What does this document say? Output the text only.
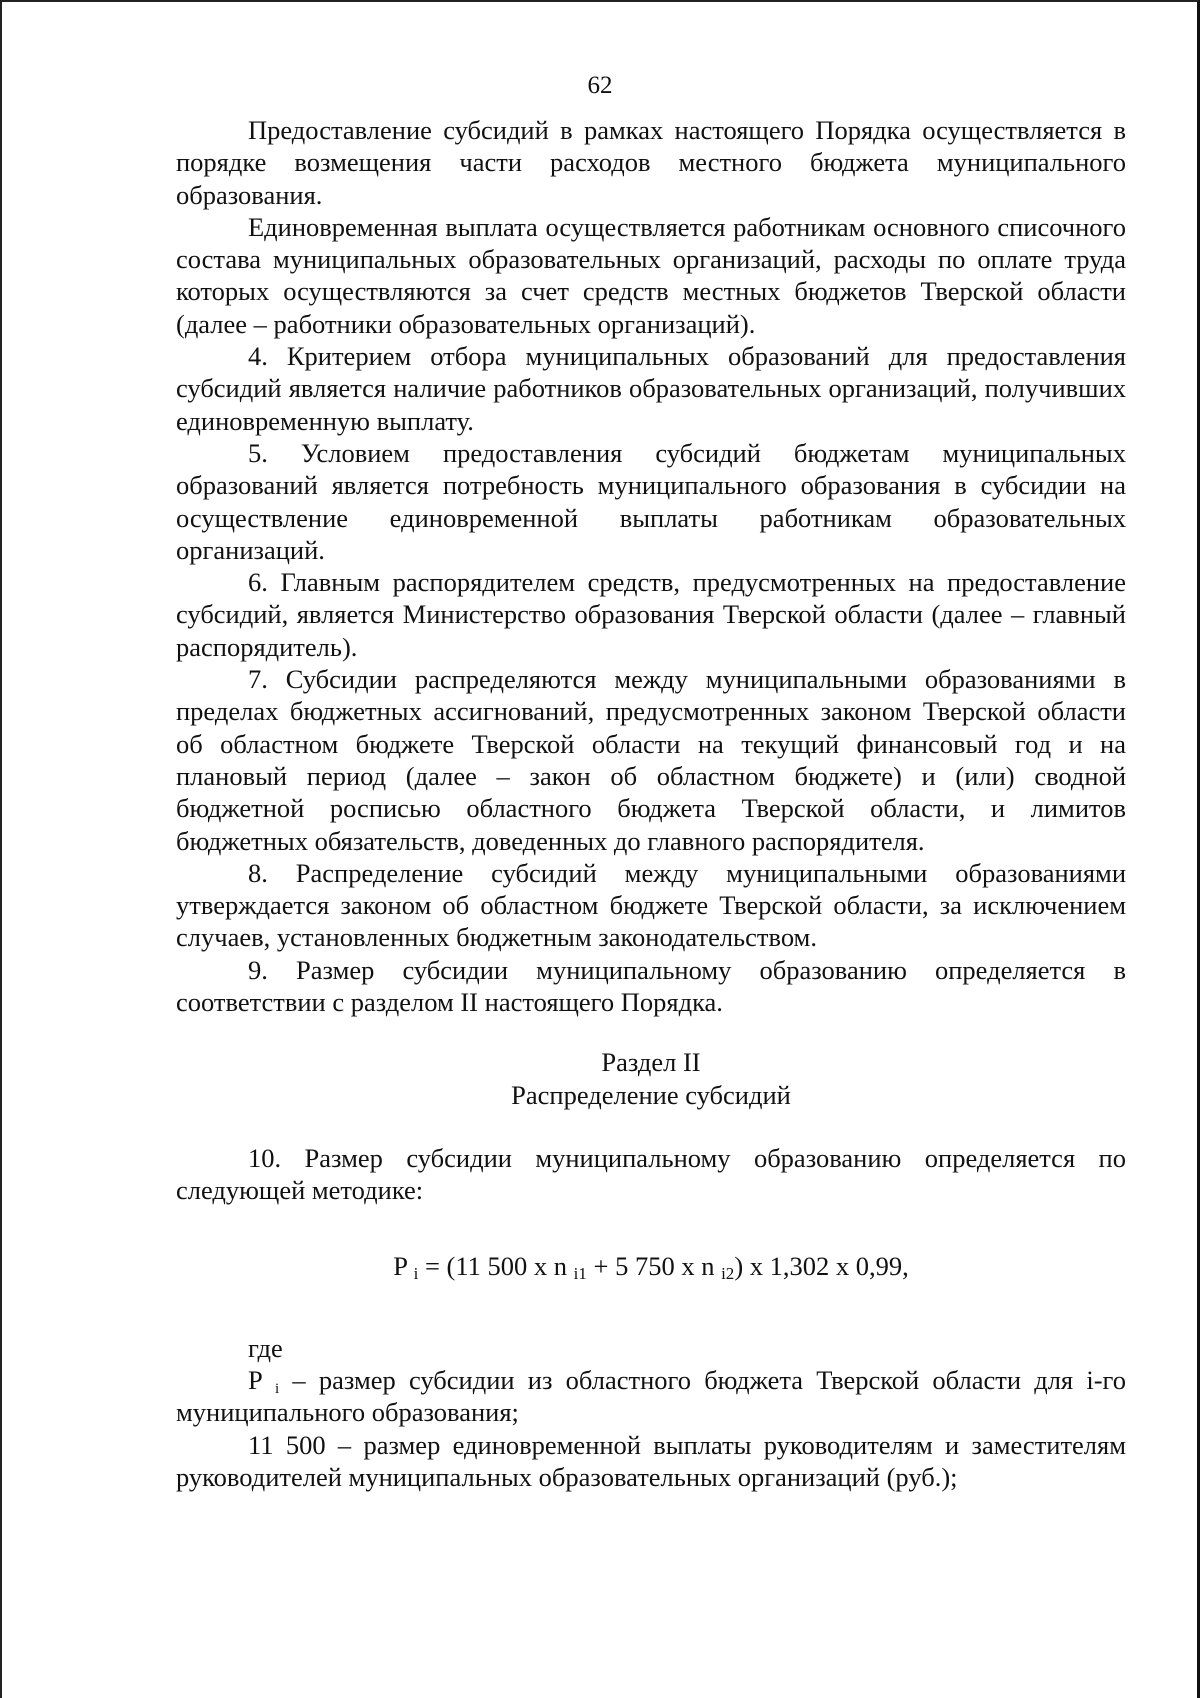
62

Предоставление субсидий в рамках настоящего Порядка осуществляется в порядке возмещения части расходов местного бюджета муниципального образования.

Единовременная выплата осуществляется работникам основного списочного состава муниципальных образовательных организаций, расходы по оплате труда которых осуществляются за счет средств местных бюджетов Тверской области (далее – работники образовательных организаций).

4. Критерием отбора муниципальных образований для предоставления субсидий является наличие работников образовательных организаций, получивших единовременную выплату.

5. Условием предоставления субсидий бюджетам муниципальных образований является потребность муниципального образования в субсидии на осуществление единовременной выплаты работникам образовательных организаций.

6. Главным распорядителем средств, предусмотренных на предоставление субсидий, является Министерство образования Тверской области (далее – главный распорядитель).

7. Субсидии распределяются между муниципальными образованиями в пределах бюджетных ассигнований, предусмотренных законом Тверской области об областном бюджете Тверской области на текущий финансовый год и на плановый период (далее – закон об областном бюджете) и (или) сводной бюджетной росписью областного бюджета Тверской области, и лимитов бюджетных обязательств, доведенных до главного распорядителя.

8. Распределение субсидий между муниципальными образованиями утверждается законом об областном бюджете Тверской области, за исключением случаев, установленных бюджетным законодательством.

9. Размер субсидии муниципальному образованию определяется в соответствии с разделом II настоящего Порядка.

Раздел II
Распределение субсидий

10. Размер субсидии муниципальному образованию определяется по следующей методике:

P $_i$ = (11 500 x n $_{i1}$ + 5 750 x n $_{i2}$) x 1,302 x 0,99,

где

P i – размер субсидии из областного бюджета Тверской области для i-го муниципального образования;

11 500 – размер единовременной выплаты руководителям и заместителям руководителей муниципальных образовательных организаций (руб.);
